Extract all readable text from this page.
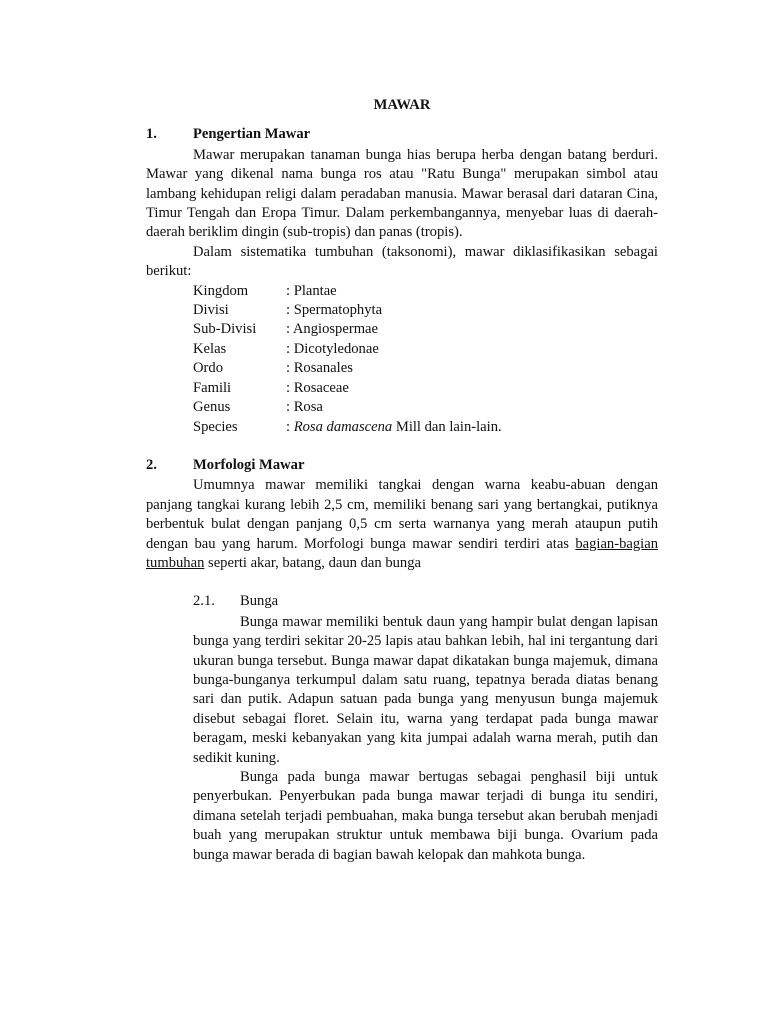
MAWAR
1.	Pengertian Mawar

Mawar merupakan tanaman bunga hias berupa herba dengan batang berduri. Mawar yang dikenal nama bunga ros atau "Ratu Bunga" merupakan simbol atau lambang kehidupan religi dalam peradaban manusia. Mawar berasal dari dataran Cina, Timur Tengah dan Eropa Timur. Dalam perkembangannya, menyebar luas di daerah-daerah beriklim dingin (sub-tropis) dan panas (tropis).

Dalam sistematika tumbuhan (taksonomi), mawar diklasifikasikan sebagai berikut:

Kingdom	: Plantae
Divisi	: Spermatophyta
Sub-Divisi	: Angiospermae
Kelas	: Dicotyledonae
Ordo	: Rosanales
Famili	: Rosaceae
Genus	: Rosa
Species	: Rosa damascena Mill dan lain-lain.
2.	Morfologi Mawar

Umumnya mawar memiliki tangkai dengan warna keabu-abuan dengan panjang tangkai kurang lebih 2,5 cm, memiliki benang sari yang bertangkai, putiknya berbentuk bulat dengan panjang 0,5 cm serta warnanya yang merah ataupun putih dengan bau yang harum. Morfologi bunga mawar sendiri terdiri atas bagian-bagian tumbuhan seperti akar, batang, daun dan bunga

2.1.	Bunga

Bunga mawar memiliki bentuk daun yang hampir bulat dengan lapisan bunga yang terdiri sekitar 20-25 lapis atau bahkan lebih, hal ini tergantung dari ukuran bunga tersebut. Bunga mawar dapat dikatakan bunga majemuk, dimana bunga-bunganya terkumpul dalam satu ruang, tepatnya berada diatas benang sari dan putik. Adapun satuan pada bunga yang menyusun bunga majemuk disebut sebagai floret. Selain itu, warna yang terdapat pada bunga mawar beragam, meski kebanyakan yang kita jumpai adalah warna merah, putih dan sedikit kuning.

Bunga pada bunga mawar bertugas sebagai penghasil biji untuk penyerbukan. Penyerbukan pada bunga mawar terjadi di bunga itu sendiri, dimana setelah terjadi pembuahan, maka bunga tersebut akan berubah menjadi buah yang merupakan struktur untuk membawa biji bunga. Ovarium pada bunga mawar berada di bagian bawah kelopak dan mahkota bunga.
